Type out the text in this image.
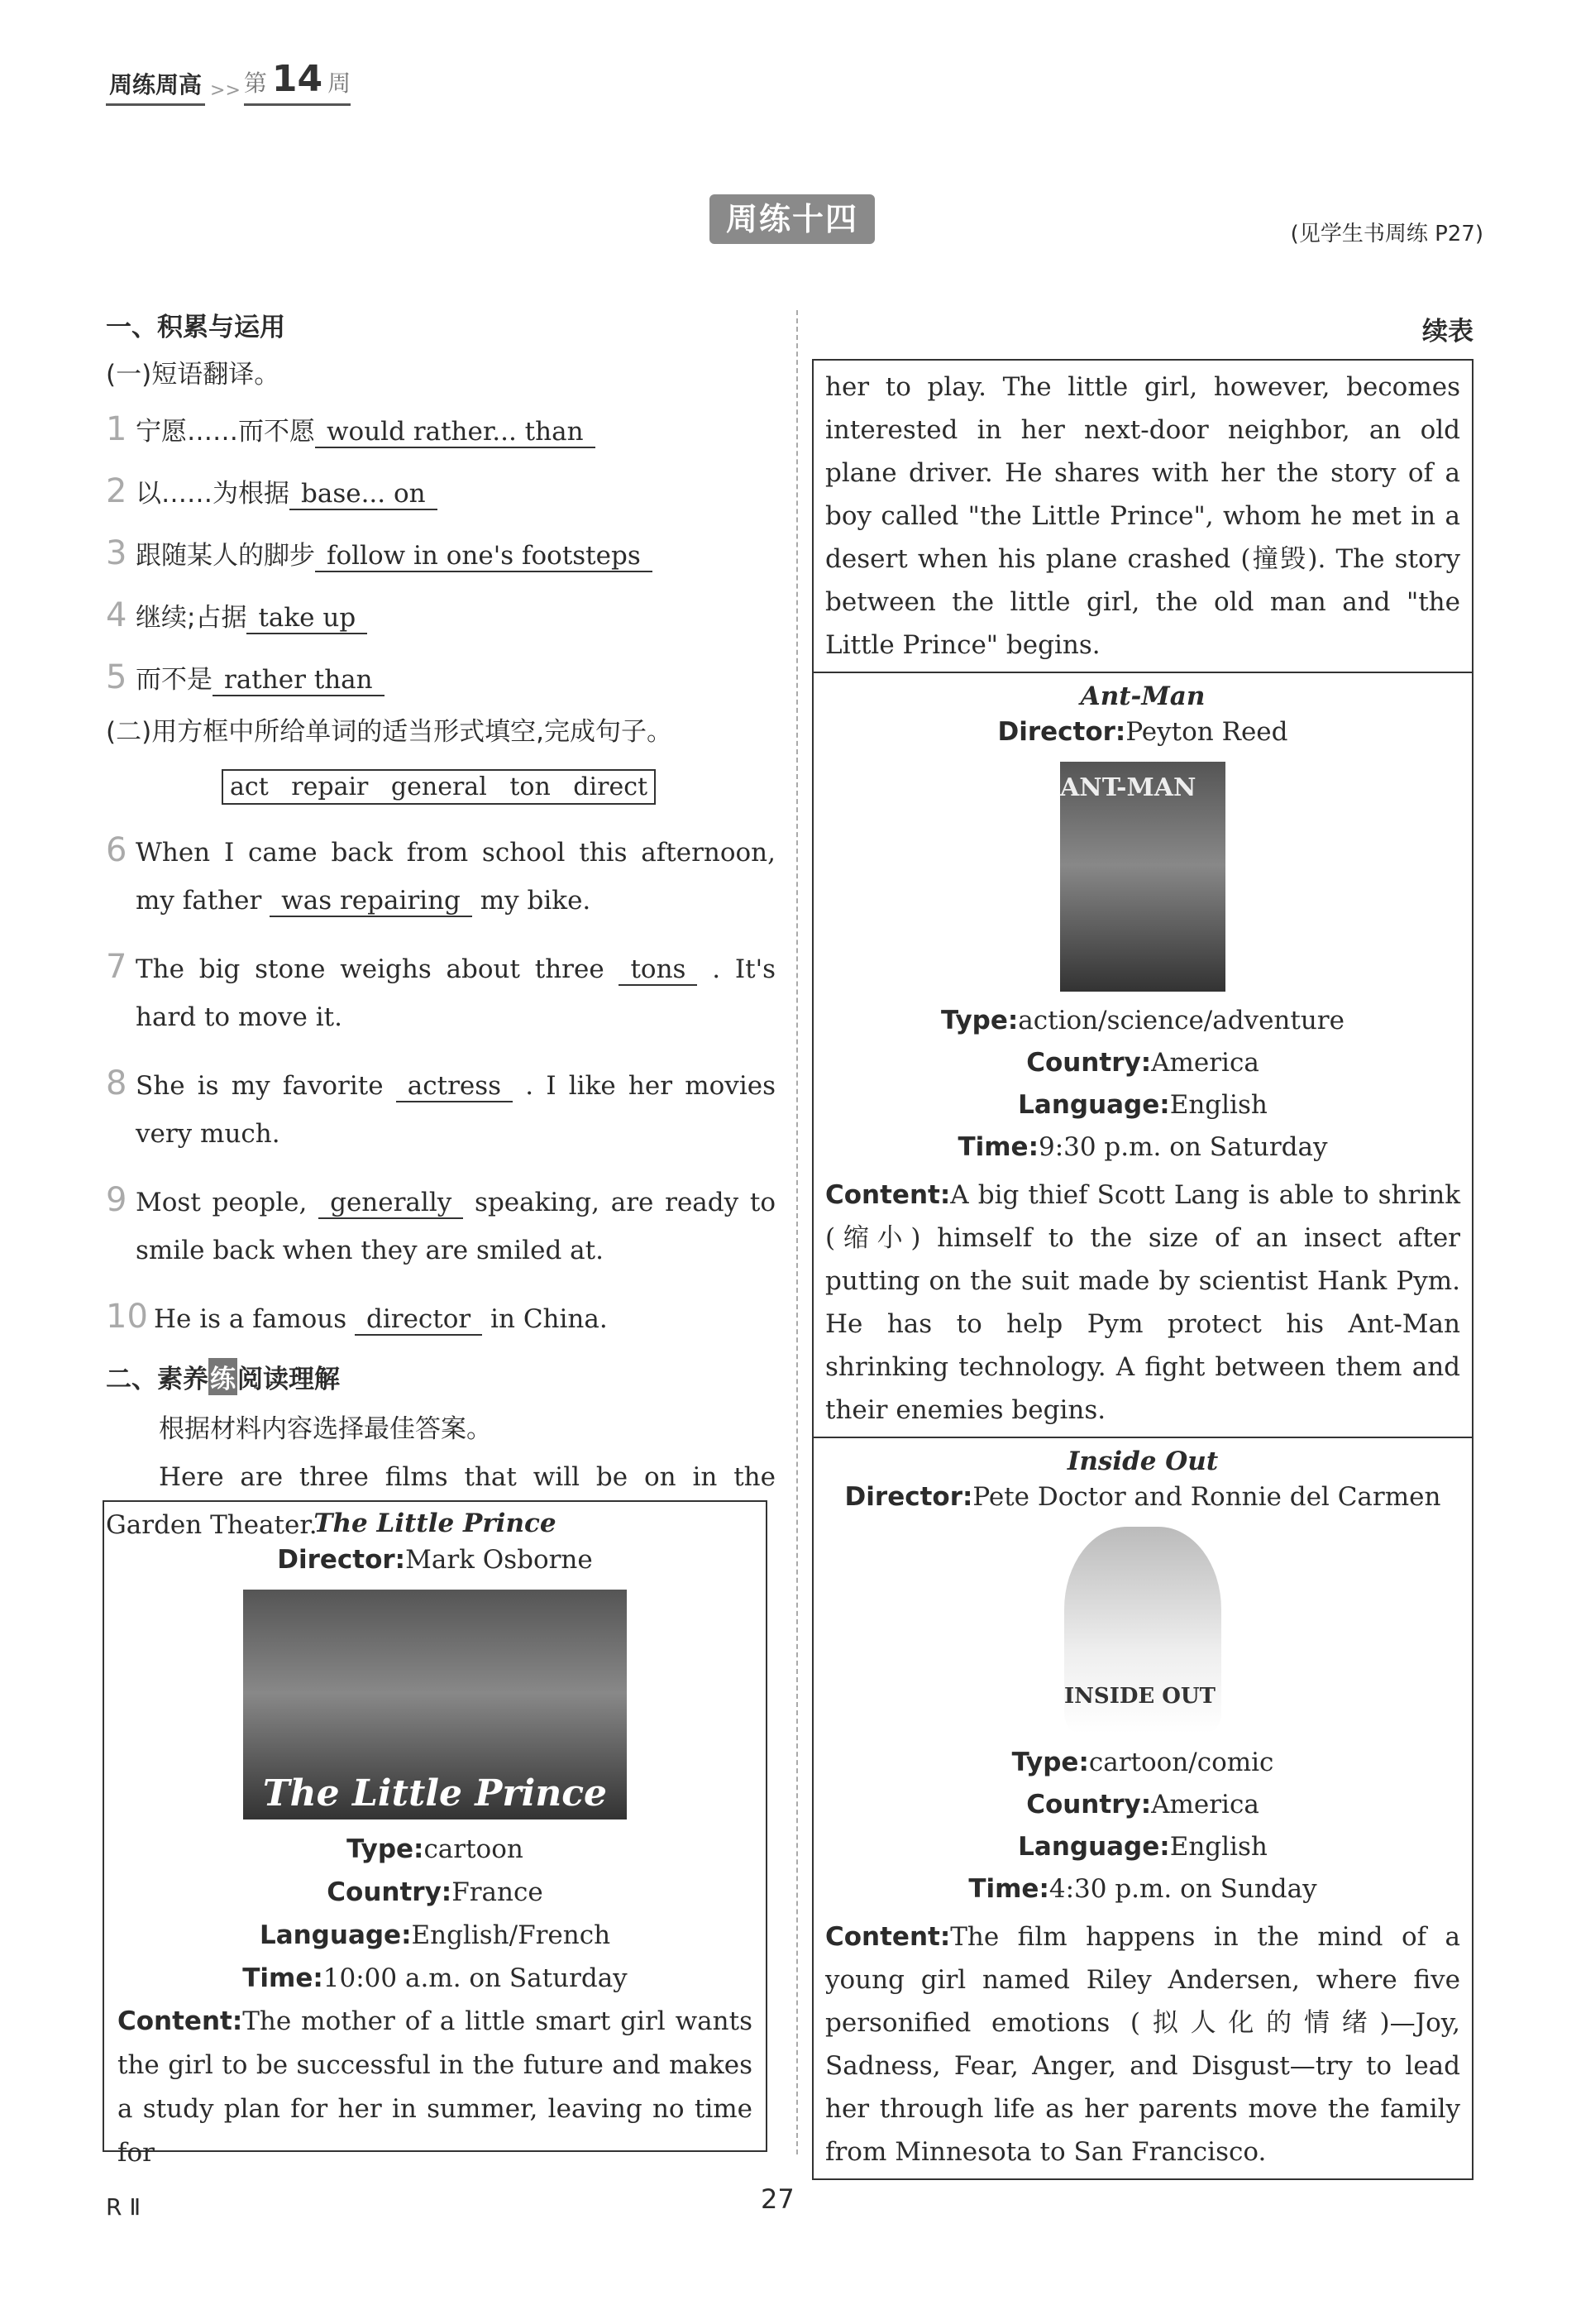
周练周高 >> 第 14 周
周练十四	(见学生书周练 P27)
一、积累与运用
(一)短语翻译。
1 宁愿……而不愿 would rather... than
2 以……为根据 base... on
3 跟随某人的脚步 follow in one's footsteps
4 继续;占据 take up
5 而不是 rather than
(二)用方框中所给单词的适当形式填空,完成句子。
act repair general ton direct
6 When I came back from school this afternoon, my father was repairing my bike.
7 The big stone weighs about three tons . It's hard to move it.
8 She is my favorite actress . I like her movies very much.
9 Most people, generally speaking, are ready to smile back when they are smiled at.
10 He is a famous director in China.
二、素养练阅读理解

根据材料内容选择最佳答案。

Here are three films that will be on in the Garden Theater.

The Little Prince
Director:Mark Osborne
The Little Prince
Type:cartoon
Country:France
Language:English/French
Time:10:00 a.m. on Saturday
Content:The mother of a little smart girl wants the girl to be successful in the future and makes a study plan for her in summer, leaving no time for
续表
her to play. The little girl, however, becomes interested in her next-door neighbor, an old plane driver. He shares with her the story of a boy called "the Little Prince", whom he met in a desert when his plane crashed (撞毁). The story between the little girl, the old man and "the Little Prince" begins.
Ant-Man
Director:Peyton Reed
ANT-MAN
Type:action/science/adventure
Country:America
Language:English
Time:9:30 p.m. on Saturday
Content:A big thief Scott Lang is able to shrink (缩小) himself to the size of an insect after putting on the suit made by scientist Hank Pym. He has to help Pym protect his Ant-Man shrinking technology. A fight between them and their enemies begins.
Inside Out
Director:Pete Doctor and Ronnie del Carmen
INSIDE OUT
Type:cartoon/comic
Country:America
Language:English
Time:4:30 p.m. on Sunday
Content:The film happens in the mind of a young girl named Riley Andersen, where five personified emotions (拟人化的情绪)—Joy, Sadness, Fear, Anger, and Disgust—try to lead her through life as her parents move the family from Minnesota to San Francisco.
27
R Ⅱ
